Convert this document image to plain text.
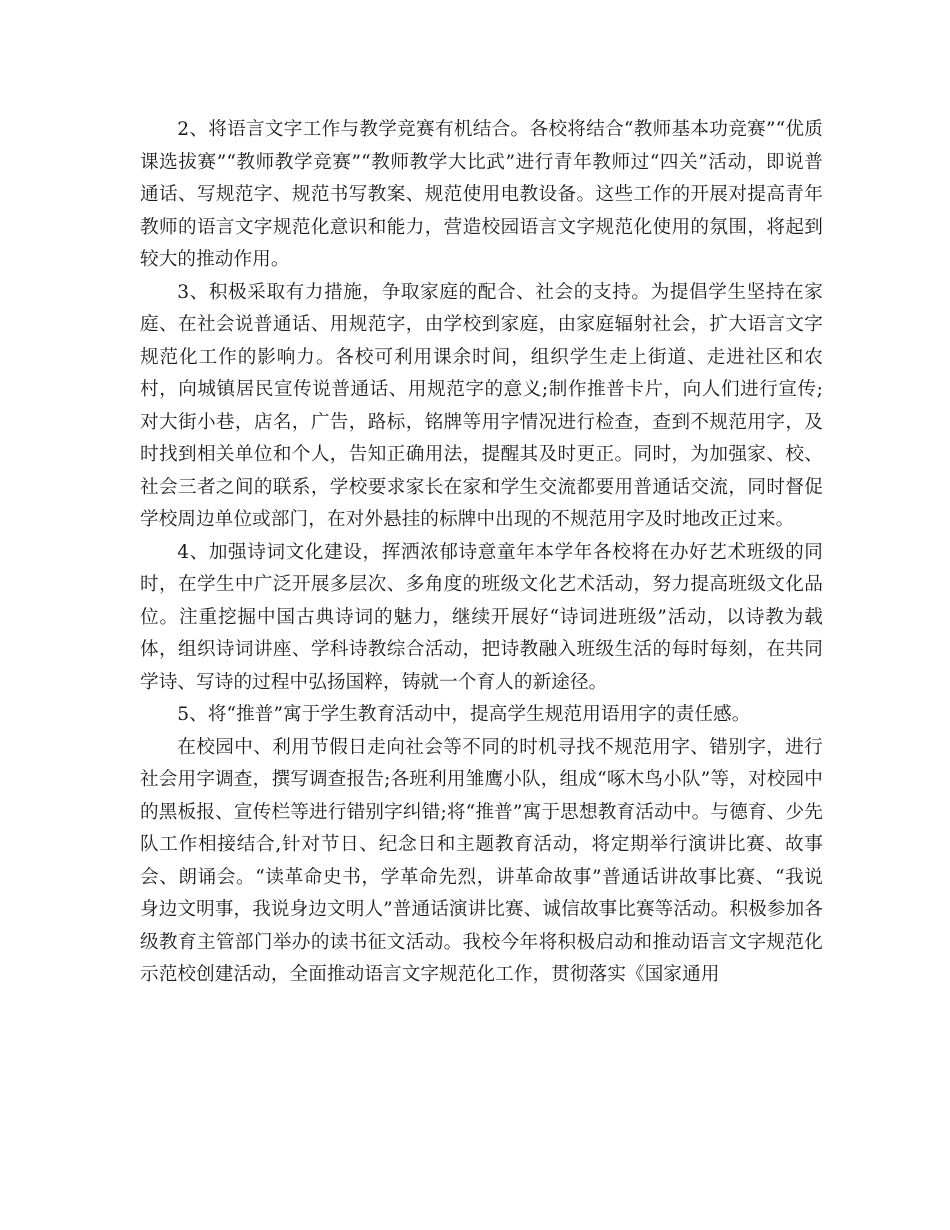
2、将语言文字工作与教学竞赛有机结合。各校将结合“教师基本功竞赛”“优质课选拔赛”“教师教学竞赛”“教师教学大比武”进行青年教师过“四关”活动，即说普通话、写规范字、规范书写教案、规范使用电教设备。这些工作的开展对提高青年教师的语言文字规范化意识和能力，营造校园语言文字规范化使用的氛围，将起到较大的推动作用。

3、积极采取有力措施，争取家庭的配合、社会的支持。为提倡学生坚持在家庭、在社会说普通话、用规范字，由学校到家庭，由家庭辐射社会，扩大语言文字规范化工作的影响力。各校可利用课余时间，组织学生走上街道、走进社区和农村，向城镇居民宣传说普通话、用规范字的意义;制作推普卡片，向人们进行宣传;对大街小巷，店名，广告，路标，铭牌等用字情况进行检查，查到不规范用字，及时找到相关单位和个人，告知正确用法，提醒其及时更正。同时，为加强家、校、社会三者之间的联系，学校要求家长在家和学生交流都要用普通话交流，同时督促学校周边单位或部门，在对外悬挂的标牌中出现的不规范用字及时地改正过来。

4、加强诗词文化建设，挥洒浓郁诗意童年本学年各校将在办好艺术班级的同时，在学生中广泛开展多层次、多角度的班级文化艺术活动，努力提高班级文化品位。注重挖掘中国古典诗词的魅力，继续开展好“诗词进班级”活动，以诗教为载体，组织诗词讲座、学科诗教综合活动，把诗教融入班级生活的每时每刻，在共同学诗、写诗的过程中弘扬国粹，铸就一个育人的新途径。

5、将“推普”寓于学生教育活动中，提高学生规范用语用字的责任感。

在校园中、利用节假日走向社会等不同的时机寻找不规范用字、错别字，进行社会用字调查，撰写调查报告;各班利用雏鹰小队，组成“啄木鸟小队”等，对校园中的黑板报、宣传栏等进行错别字纠错;将“推普”寓于思想教育活动中。与德育、少先队工作相接结合,针对节日、纪念日和主题教育活动，将定期举行演讲比赛、故事会、朗诵会。“读革命史书，学革命先烈，讲革命故事”普通话讲故事比赛、“我说身边文明事，我说身边文明人”普通话演讲比赛、诚信故事比赛等活动。积极参加各级教育主管部门举办的读书征文活动。我校今年将积极启动和推动语言文字规范化示范校创建活动，全面推动语言文字规范化工作，贯彻落实《国家通用
